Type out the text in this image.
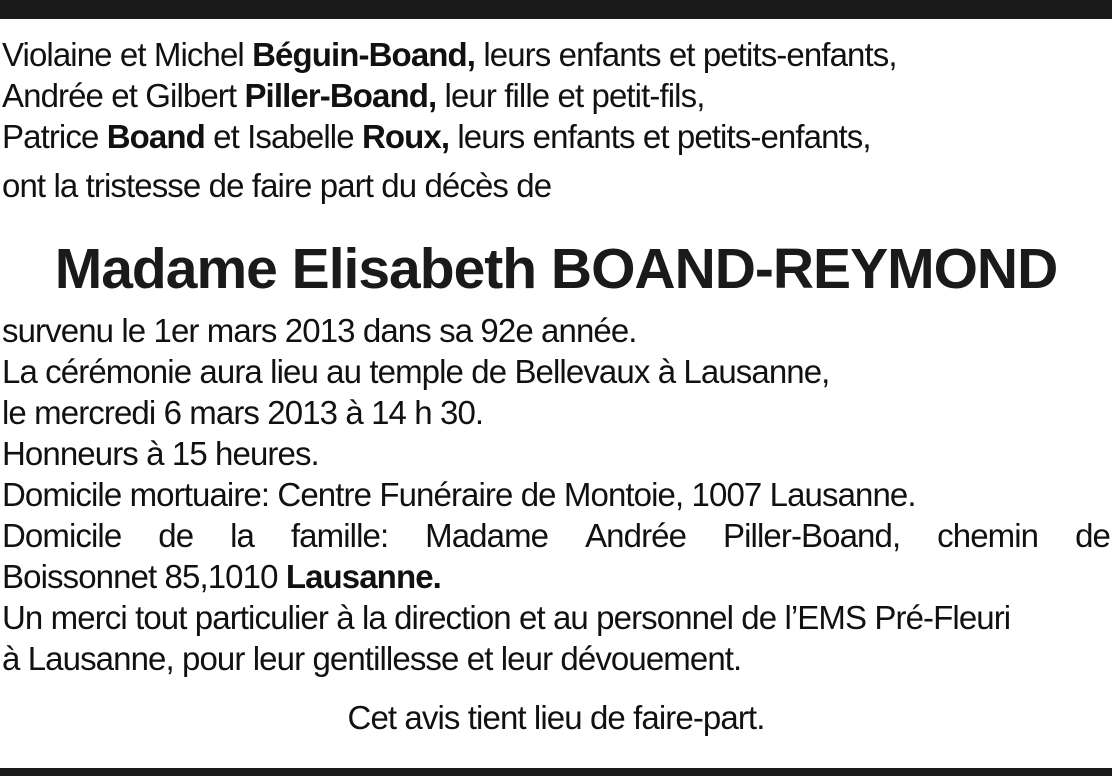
Violaine et Michel Béguin-Boand, leurs enfants et petits-enfants,
Andrée et Gilbert Piller-Boand, leur fille et petit-fils,
Patrice Boand et Isabelle Roux, leurs enfants et petits-enfants,
ont la tristesse de faire part du décès de
Madame Elisabeth BOAND-REYMOND
survenu le 1er mars 2013 dans sa 92e année.
La cérémonie aura lieu au temple de Bellevaux à Lausanne,
le mercredi 6 mars 2013 à 14 h 30.
Honneurs à 15 heures.
Domicile mortuaire: Centre Funéraire de Montoie, 1007 Lausanne.
Domicile de la famille: Madame Andrée Piller-Boand, chemin de
Boissonnet 85,1010 Lausanne.
Un merci tout particulier à la direction et au personnel de l’EMS Pré-Fleuri
à Lausanne, pour leur gentillesse et leur dévouement.
Cet avis tient lieu de faire-part.
